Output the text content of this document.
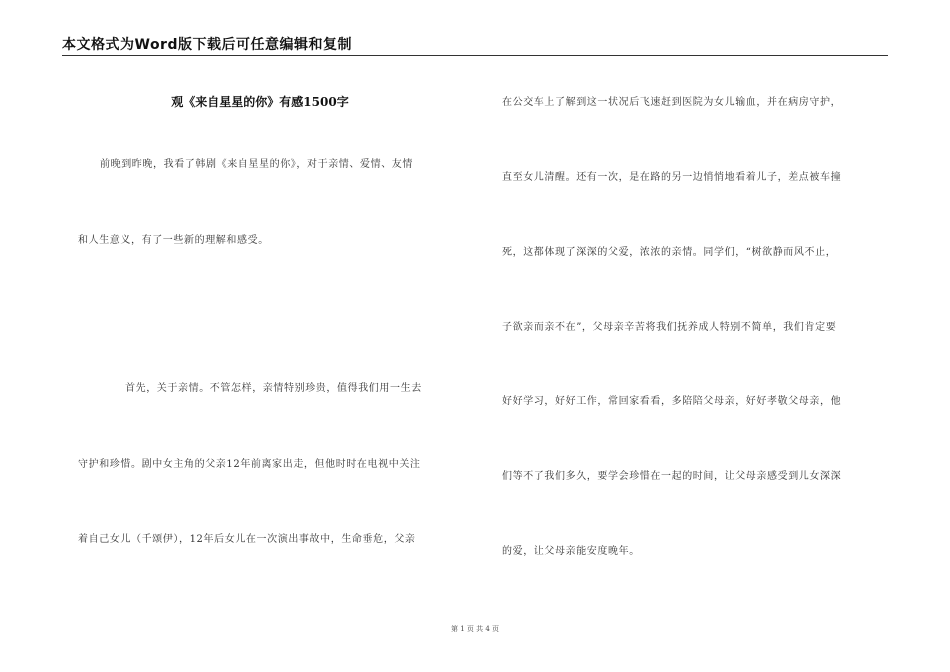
本文格式为Word版下载后可任意编辑和复制
观《来自星星的你》有感1500字
前晚到昨晚，我看了韩剧《来自星星的你》，对于亲情、爱情、友情
和人生意义，有了一些新的理解和感受。
首先，关于亲情。不管怎样，亲情特别珍贵，值得我们用一生去
守护和珍惜。剧中女主角的父亲12年前离家出走，但他时时在电视中关注
着自己女儿（千颂伊），12年后女儿在一次演出事故中，生命垂危，父亲
在公交车上了解到这一状况后飞速赶到医院为女儿输血，并在病房守护，
直至女儿清醒。还有一次，是在路的另一边悄悄地看着儿子，差点被车撞
死，这都体现了深深的父爱，浓浓的亲情。同学们，“树欲静而风不止，
子欲亲而亲不在”，父母亲辛苦将我们抚养成人特别不简单，我们肯定要
好好学习，好好工作，常回家看看，多陪陪父母亲，好好孝敬父母亲，他
们等不了我们多久，要学会珍惜在一起的时间，让父母亲感受到儿女深深
的爱，让父母亲能安度晚年。
第 1 页 共 4 页
